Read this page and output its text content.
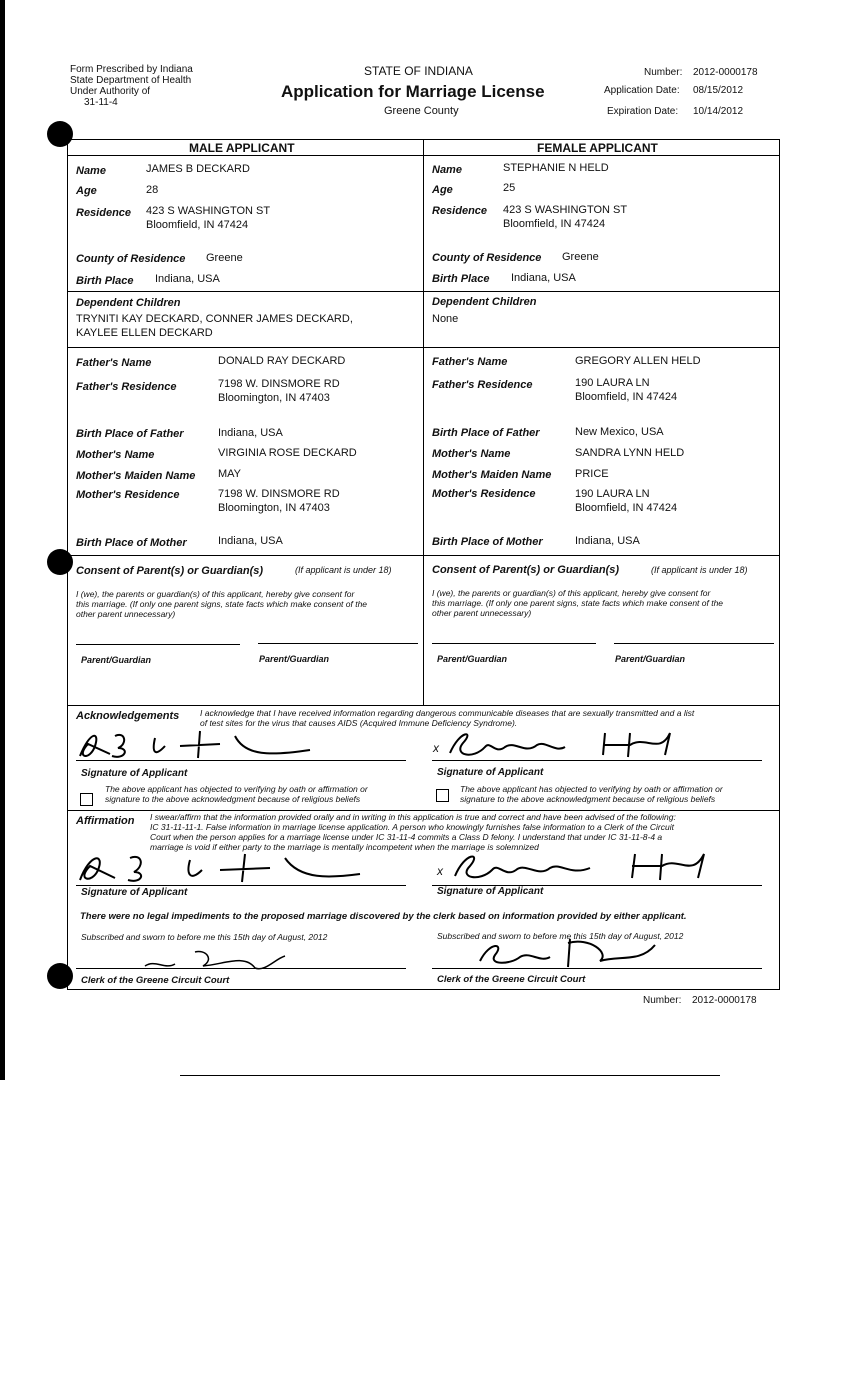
Form Prescribed by Indiana
State Department of Health
Under Authority of
31-11-4
STATE OF INDIANA
Application for Marriage License
Greene County
Number: 2012-0000178
Application Date: 08/15/2012
Expiration Date: 10/14/2012
MALE APPLICANT	FEMALE APPLICANT
Name	JAMES B DECKARD
Age	28
Residence 423 S WASHINGTON ST
Bloomfield, IN 47424
County of Residence Greene
Birth Place Indiana, USA
Dependent Children
TRYNITI KAY DECKARD, CONNER JAMES DECKARD,
KAYLEE ELLEN DECKARD
Father's Name	DONALD RAY DECKARD
Father's Residence	7198 W. DINSMORE RD
Bloomington, IN 47403
Birth Place of Father	Indiana, USA
Mother's Name	VIRGINIA ROSE DECKARD
Mother's Maiden Name MAY
Mother's Residence	7198 W. DINSMORE RD
Bloomington, IN 47403
Birth Place of Mother	Indiana, USA
Name	STEPHANIE N HELD
Age	25
Residence 423 S WASHINGTON ST
Bloomfield, IN 47424
County of Residence Greene
Birth Place Indiana, USA
Dependent Children
None
Father's Name	GREGORY ALLEN HELD
Father's Residence	190 LAURA LN
Bloomfield, IN 47424
Birth Place of Father	New Mexico, USA
Mother's Name	SANDRA LYNN HELD
Mother's Maiden Name PRICE
Mother's Residence	190 LAURA LN
Bloomfield, IN 47424
Birth Place of Mother	Indiana, USA
Consent of Parent(s) or Guardian(s)	(If applicant is under 18)
I (we), the parents or guardian(s) of this applicant, hereby give consent for
this marriage. (If only one parent signs, state facts which make consent of the
other parent unnecessary)
Parent/Guardian	Parent/Guardian
Consent of Parent(s) or Guardian(s)	(If applicant is under 18)
I (we), the parents or guardian(s) of this applicant, hereby give consent for
this marriage. (If only one parent signs, state facts which make consent of the
other parent unnecessary)
Parent/Guardian	Parent/Guardian
Acknowledgements I acknowledge that I have received information regarding dangerous communicable diseases that are sexually transmitted and a list
of test sites for the virus that causes AIDS (Acquired Immune Deficiency Syndrome).
Signature of Applicant
The above applicant has objected to verifying by oath or affirmation or
signature to the above acknowledgment because of religious beliefs
x
Signature of Applicant
The above applicant has objected to verifying by oath or affirmation or
signature to the above acknowledgment because of religious beliefs
Affirmation I swear/affirm that the information provided orally and in writing in this application is true and correct and have been advised of the following:
IC 31-11-11-1. False information in marriage license application. A person who knowingly furnishes false information to a Clerk of the Circuit
Court when the person applies for a marriage license under IC 31-11-4 commits a Class D felony. I understand that under IC 31-11-8-4 a
marriage is void if either party to the marriage is mentally incompetent when the marriage is solemnized
Signature of Applicant
x
Signature of Applicant
There were no legal impediments to the proposed marriage discovered by the clerk based on information provided by either applicant.
Subscribed and sworn to before me this 15th day of August, 2012
Clerk of the Greene Circuit Court
Subscribed and sworn to before me this 15th day of August, 2012
Clerk of the Greene Circuit Court
Number: 2012-0000178
